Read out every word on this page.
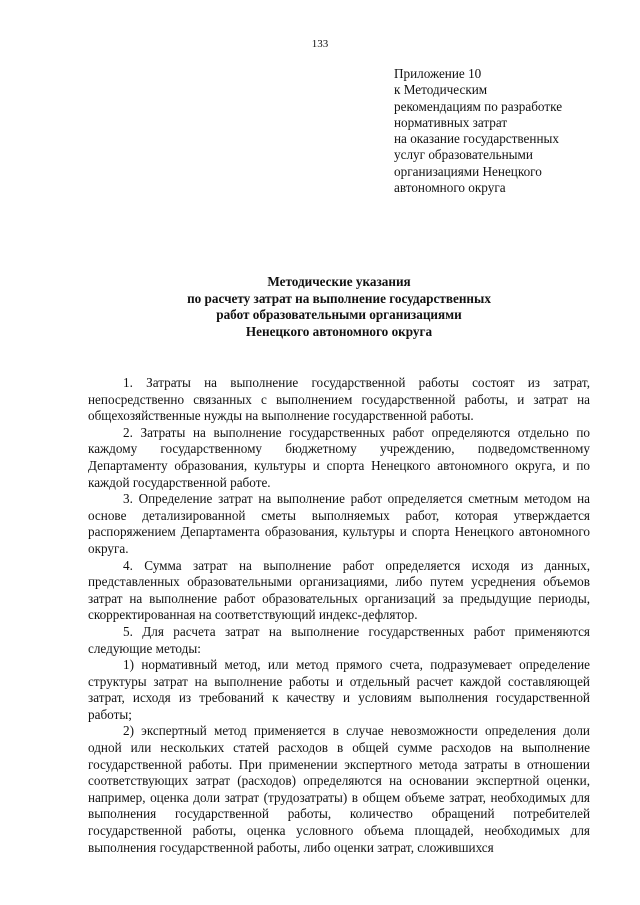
133
Приложение 10
к Методическим
рекомендациям по разработке
нормативных затрат
на оказание государственных
услуг образовательными
организациями Ненецкого
автономного округа
Методические указания
по расчету затрат на выполнение государственных
работ образовательными организациями
Ненецкого автономного округа

1. Затраты на выполнение государственной работы состоят из затрат, непосредственно связанных с выполнением государственной работы, и затрат на общехозяйственные нужды на выполнение государственной работы.

2. Затраты на выполнение государственных работ определяются отдельно по каждому государственному бюджетному учреждению, подведомственному Департаменту образования, культуры и спорта Ненецкого автономного округа, и по каждой государственной работе.

3. Определение затрат на выполнение работ определяется сметным методом на основе детализированной сметы выполняемых работ, которая утверждается распоряжением Департамента образования, культуры и спорта Ненецкого автономного округа.

4. Сумма затрат на выполнение работ определяется исходя из данных, представленных образовательными организациями, либо путем усреднения объемов затрат на выполнение работ образовательных организаций за предыдущие периоды, скорректированная на соответствующий индекс-дефлятор.

5. Для расчета затрат на выполнение государственных работ применяются следующие методы:

1) нормативный метод, или метод прямого счета, подразумевает определение структуры затрат на выполнение работы и отдельный расчет каждой составляющей затрат, исходя из требований к качеству и условиям выполнения государственной работы;

2) экспертный метод применяется в случае невозможности определения доли одной или нескольких статей расходов в общей сумме расходов на выполнение государственной работы. При применении экспертного метода затраты в отношении соответствующих затрат (расходов) определяются на основании экспертной оценки, например, оценка доли затрат (трудозатраты) в общем объеме затрат, необходимых для выполнения государственной работы, количество обращений потребителей государственной работы, оценка условного объема площадей, необходимых для выполнения государственной работы, либо оценки затрат, сложившихся
